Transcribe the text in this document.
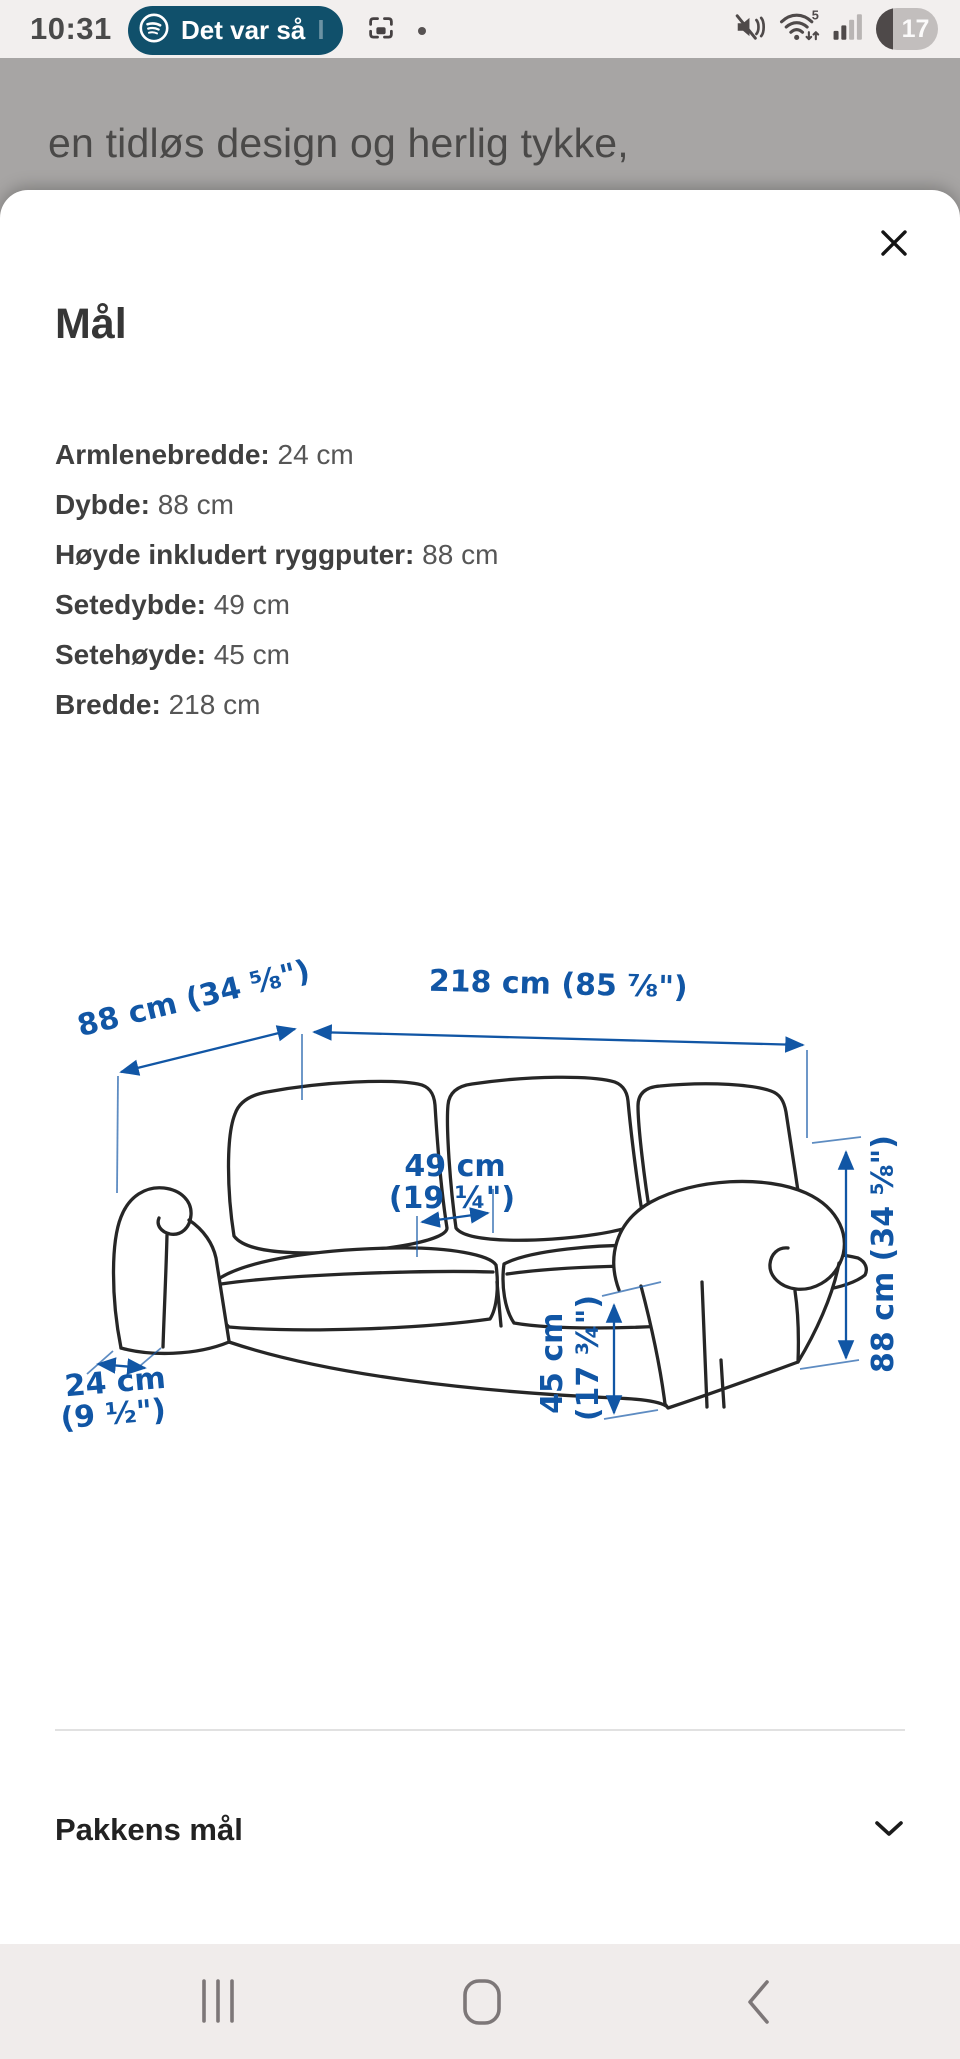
10:31	Det var så l
5
17
en tidløs design og herlig tykke,
Mål
Armlenebredde: 24 cm
Dybde: 88 cm
Høyde inkludert ryggputer: 88 cm
Setedybde: 49 cm
Setehøyde: 45 cm
Bredde: 218 cm
88 cm (34 ⅝")	218 cm (85 ⅞")
88 cm (34 ⅝")
49 cm
(19 ¼")
45 cm (17 ¾")
24 cm
(9 ½")
Pakkens mål
